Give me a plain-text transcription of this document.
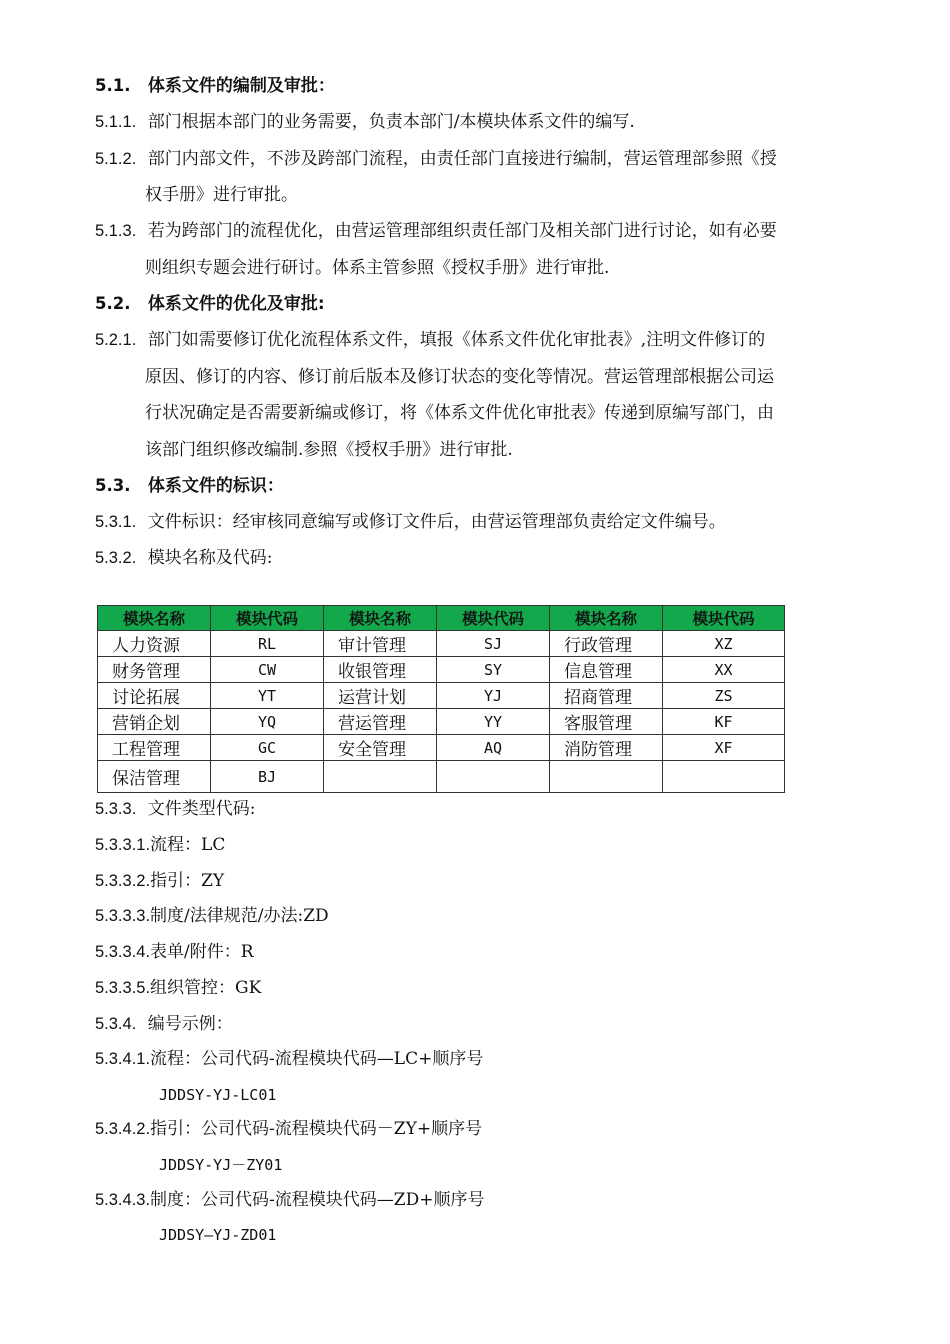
5.1. 体系文件的编制及审批：
5.1.1. 部门根据本部门的业务需要，负责本部门/本模块体系文件的编写.
5.1.2. 部门内部文件，不涉及跨部门流程，由责任部门直接进行编制，营运管理部参照《授
权手册》进行审批。
5.1.3. 若为跨部门的流程优化，由营运管理部组织责任部门及相关部门进行讨论，如有必要
则组织专题会进行研讨。体系主管参照《授权手册》进行审批.
5.2. 体系文件的优化及审批:
5.2.1. 部门如需要修订优化流程体系文件，填报《体系文件优化审批表》,注明文件修订的
原因、修订的内容、修订前后版本及修订状态的变化等情况。营运管理部根据公司运
行状况确定是否需要新编或修订，将《体系文件优化审批表》传递到原编写部门，由
该部门组织修改编制.参照《授权手册》进行审批.
5.3. 体系文件的标识：
5.3.1. 文件标识：经审核同意编写或修订文件后，由营运管理部负责给定文件编号。
5.3.2. 模块名称及代码:
模块名称	模块代码	模块名称	模块代码	模块名称	模块代码
人力资源	RL	审计管理	SJ	行政管理	XZ
财务管理	CW	收银管理	SY	信息管理	XX
讨论拓展	YT	运营计划	YJ	招商管理	ZS
营销企划	YQ	营运管理	YY	客服管理	KF
工程管理	GC	安全管理	AQ	消防管理	XF
保洁管理	BJ				
5.3.3. 文件类型代码:
5.3.3.1.流程：LC
5.3.3.2.指引：ZY
5.3.3.3.制度/法律规范/办法:ZD
5.3.3.4.表单/附件：R
5.3.3.5.组织管控：GK
5.3.4. 编号示例：
5.3.4.1.流程：公司代码-流程模块代码—LC+顺序号
JDDSY-YJ-LC01
5.3.4.2.指引：公司代码-流程模块代码－ZY+顺序号
JDDSY-YJ－ZY01
5.3.4.3.制度：公司代码-流程模块代码—ZD+顺序号
JDDSY—YJ-ZD01
